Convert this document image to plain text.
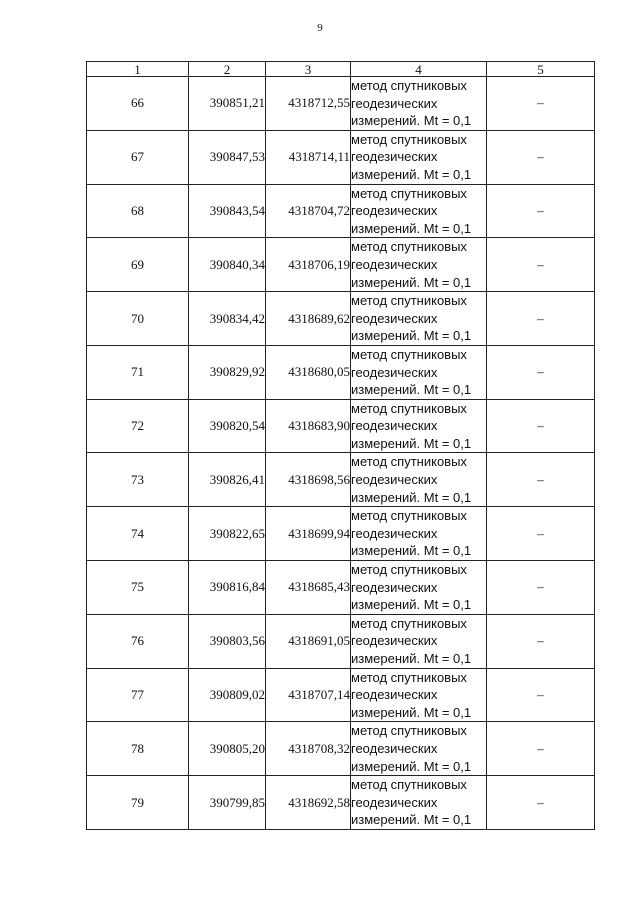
9
1	2	3	4	5
66	390851,21	4318712,55	метод спутниковых
геодезических
измерений. Mt = 0,1	–
67	390847,53	4318714,11	метод спутниковых
геодезических
измерений. Mt = 0,1	–
68	390843,54	4318704,72	метод спутниковых
геодезических
измерений. Mt = 0,1	–
69	390840,34	4318706,19	метод спутниковых
геодезических
измерений. Mt = 0,1	–
70	390834,42	4318689,62	метод спутниковых
геодезических
измерений. Mt = 0,1	–
71	390829,92	4318680,05	метод спутниковых
геодезических
измерений. Mt = 0,1	–
72	390820,54	4318683,90	метод спутниковых
геодезических
измерений. Mt = 0,1	–
73	390826,41	4318698,56	метод спутниковых
геодезических
измерений. Mt = 0,1	–
74	390822,65	4318699,94	метод спутниковых
геодезических
измерений. Mt = 0,1	–
75	390816,84	4318685,43	метод спутниковых
геодезических
измерений. Mt = 0,1	–
76	390803,56	4318691,05	метод спутниковых
геодезических
измерений. Mt = 0,1	–
77	390809,02	4318707,14	метод спутниковых
геодезических
измерений. Mt = 0,1	–
78	390805,20	4318708,32	метод спутниковых
геодезических
измерений. Mt = 0,1	–
79	390799,85	4318692,58	метод спутниковых
геодезических
измерений. Mt = 0,1	–
